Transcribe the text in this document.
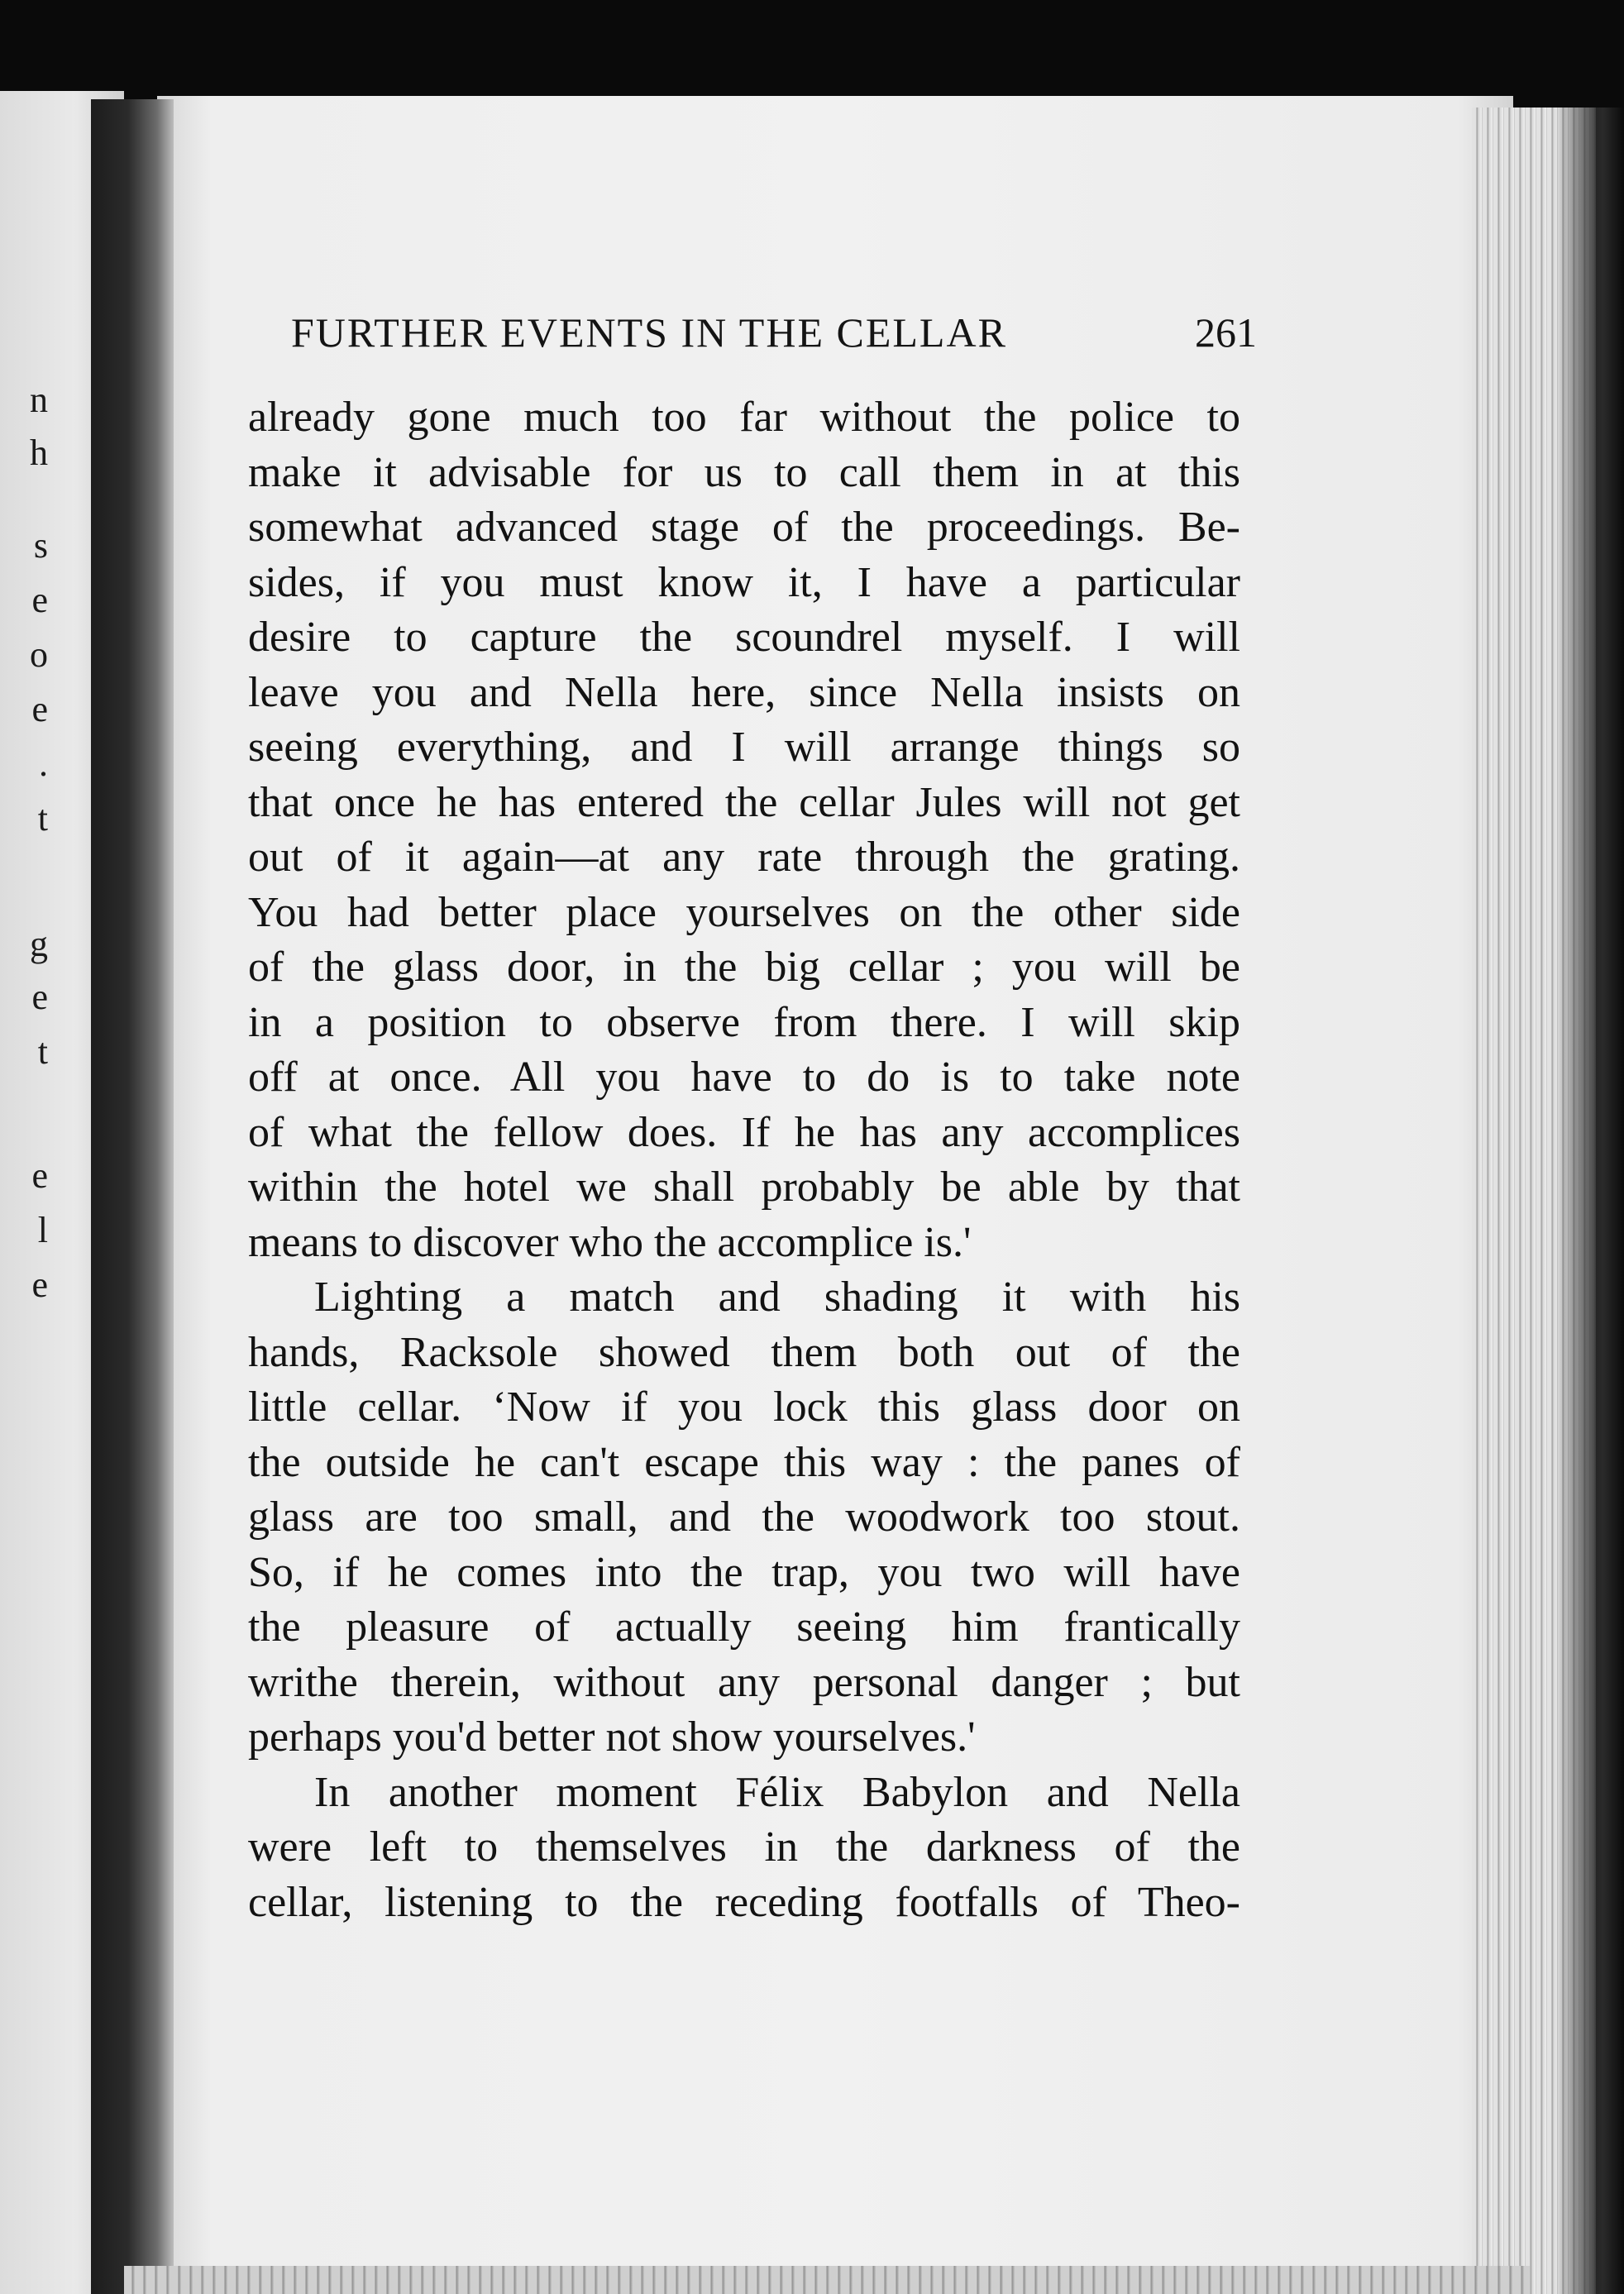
n
h
s
e
o
e
.
t
g
e
t
e
l
e
FURTHER EVENTS IN THE CELLAR	261
already gone much too far without the police to
make it advisable for us to call them in at this
somewhat advanced stage of the proceedings. Be-
sides, if you must know it, I have a particular
desire to capture the scoundrel myself. I will
leave you and Nella here, since Nella insists on
seeing everything, and I will arrange things so
that once he has entered the cellar Jules will not get
out of it again—at any rate through the grating.
You had better place yourselves on the other side
of the glass door, in the big cellar ; you will be
in a position to observe from there. I will skip
off at once. All you have to do is to take note
of what the fellow does. If he has any accomplices
within the hotel we shall probably be able by that
means to discover who the accomplice is.'
Lighting a match and shading it with his
hands, Racksole showed them both out of the
little cellar. ‘Now if you lock this glass door on
the outside he can't escape this way : the panes of
glass are too small, and the woodwork too stout.
So, if he comes into the trap, you two will have
the pleasure of actually seeing him frantically
writhe therein, without any personal danger ; but
perhaps you'd better not show yourselves.'
In another moment Félix Babylon and Nella
were left to themselves in the darkness of the
cellar, listening to the receding footfalls of Theo-
